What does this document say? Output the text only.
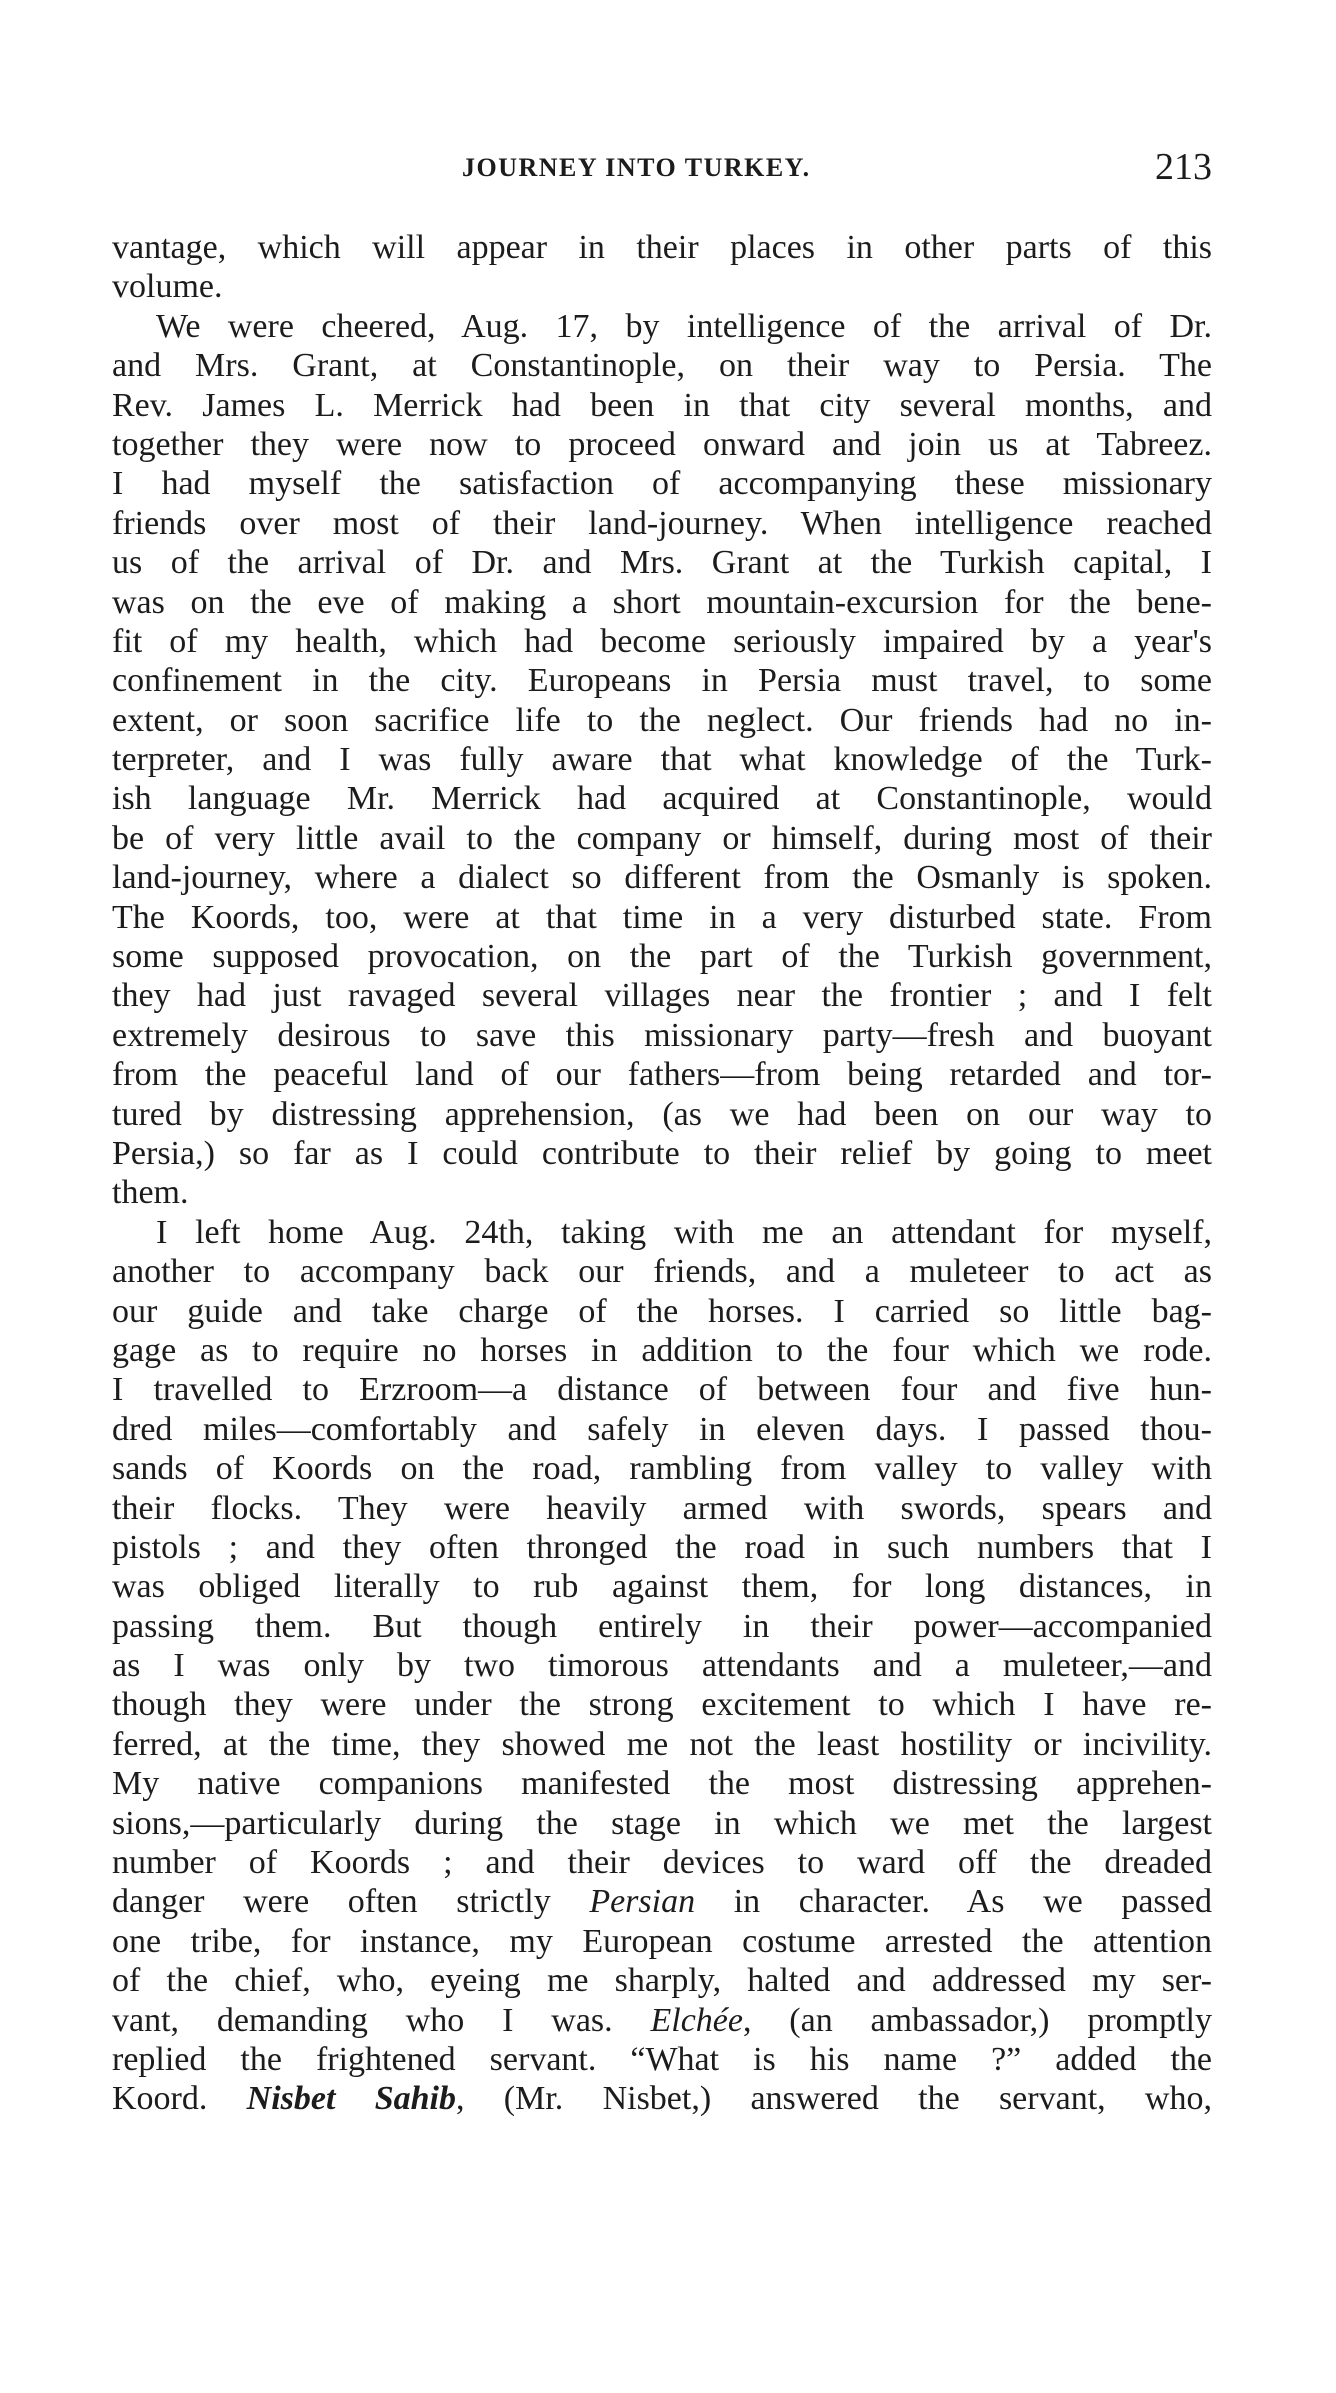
JOURNEY INTO TURKEY.	213
vantage, which will appear in their places in other parts of this
volume.
We were cheered, Aug. 17, by intelligence of the arrival of Dr.
and Mrs. Grant, at Constantinople, on their way to Persia. The
Rev. James L. Merrick had been in that city several months, and
together they were now to proceed onward and join us at Tabreez.
I had myself the satisfaction of accompanying these missionary
friends over most of their land-journey. When intelligence reached
us of the arrival of Dr. and Mrs. Grant at the Turkish capital, I
was on the eve of making a short mountain-excursion for the bene-
fit of my health, which had become seriously impaired by a year's
confinement in the city. Europeans in Persia must travel, to some
extent, or soon sacrifice life to the neglect. Our friends had no in-
terpreter, and I was fully aware that what knowledge of the Turk-
ish language Mr. Merrick had acquired at Constantinople, would
be of very little avail to the company or himself, during most of their
land-journey, where a dialect so different from the Osmanly is spoken.
The Koords, too, were at that time in a very disturbed state. From
some supposed provocation, on the part of the Turkish government,
they had just ravaged several villages near the frontier ; and I felt
extremely desirous to save this missionary party—fresh and buoyant
from the peaceful land of our fathers—from being retarded and tor-
tured by distressing apprehension, (as we had been on our way to
Persia,) so far as I could contribute to their relief by going to meet
them.
I left home Aug. 24th, taking with me an attendant for myself,
another to accompany back our friends, and a muleteer to act as
our guide and take charge of the horses. I carried so little bag-
gage as to require no horses in addition to the four which we rode.
I travelled to Erzroom—a distance of between four and five hun-
dred miles—comfortably and safely in eleven days. I passed thou-
sands of Koords on the road, rambling from valley to valley with
their flocks. They were heavily armed with swords, spears and
pistols ; and they often thronged the road in such numbers that I
was obliged literally to rub against them, for long distances, in
passing them. But though entirely in their power—accompanied
as I was only by two timorous attendants and a muleteer,—and
though they were under the strong excitement to which I have re-
ferred, at the time, they showed me not the least hostility or incivility.
My native companions manifested the most distressing apprehen-
sions,—particularly during the stage in which we met the largest
number of Koords ; and their devices to ward off the dreaded
danger were often strictly Persian in character. As we passed
one tribe, for instance, my European costume arrested the attention
of the chief, who, eyeing me sharply, halted and addressed my ser-
vant, demanding who I was. Elchée, (an ambassador,) promptly
replied the frightened servant. “What is his name ?” added the
Koord. Nisbet Sahib, (Mr. Nisbet,) answered the servant, who,
